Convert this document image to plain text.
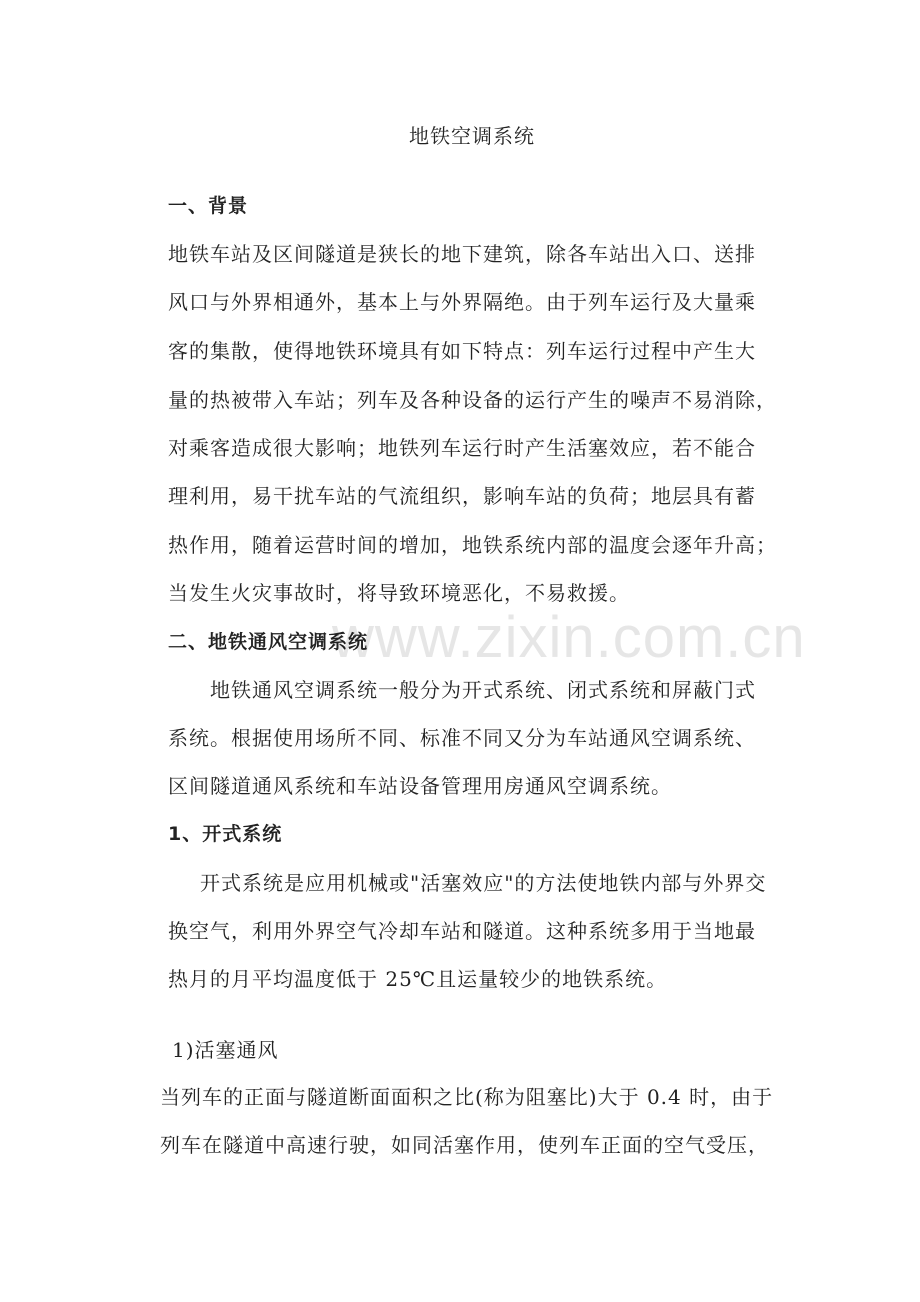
www.zixin.com.cn
地铁空调系统
一、背景
地铁车站及区间隧道是狭长的地下建筑，除各车站出入口、送排
风口与外界相通外，基本上与外界隔绝。由于列车运行及大量乘
客的集散，使得地铁环境具有如下特点：列车运行过程中产生大
量的热被带入车站；列车及各种设备的运行产生的噪声不易消除，
对乘客造成很大影响；地铁列车运行时产生活塞效应，若不能合
理利用，易干扰车站的气流组织，影响车站的负荷；地层具有蓄
热作用，随着运营时间的增加，地铁系统内部的温度会逐年升高；
当发生火灾事故时，将导致环境恶化，不易救援。
二、地铁通风空调系统
地铁通风空调系统一般分为开式系统、闭式系统和屏蔽门式
系统。根据使用场所不同、标准不同又分为车站通风空调系统、
区间隧道通风系统和车站设备管理用房通风空调系统。
1、开式系统
开式系统是应用机械或"活塞效应"的方法使地铁内部与外界交
换空气，利用外界空气冷却车站和隧道。这种系统多用于当地最
热月的月平均温度低于 25℃且运量较少的地铁系统。
1)活塞通风
当列车的正面与隧道断面面积之比(称为阻塞比)大于 0.4 时，由于
列车在隧道中高速行驶，如同活塞作用，使列车正面的空气受压，
